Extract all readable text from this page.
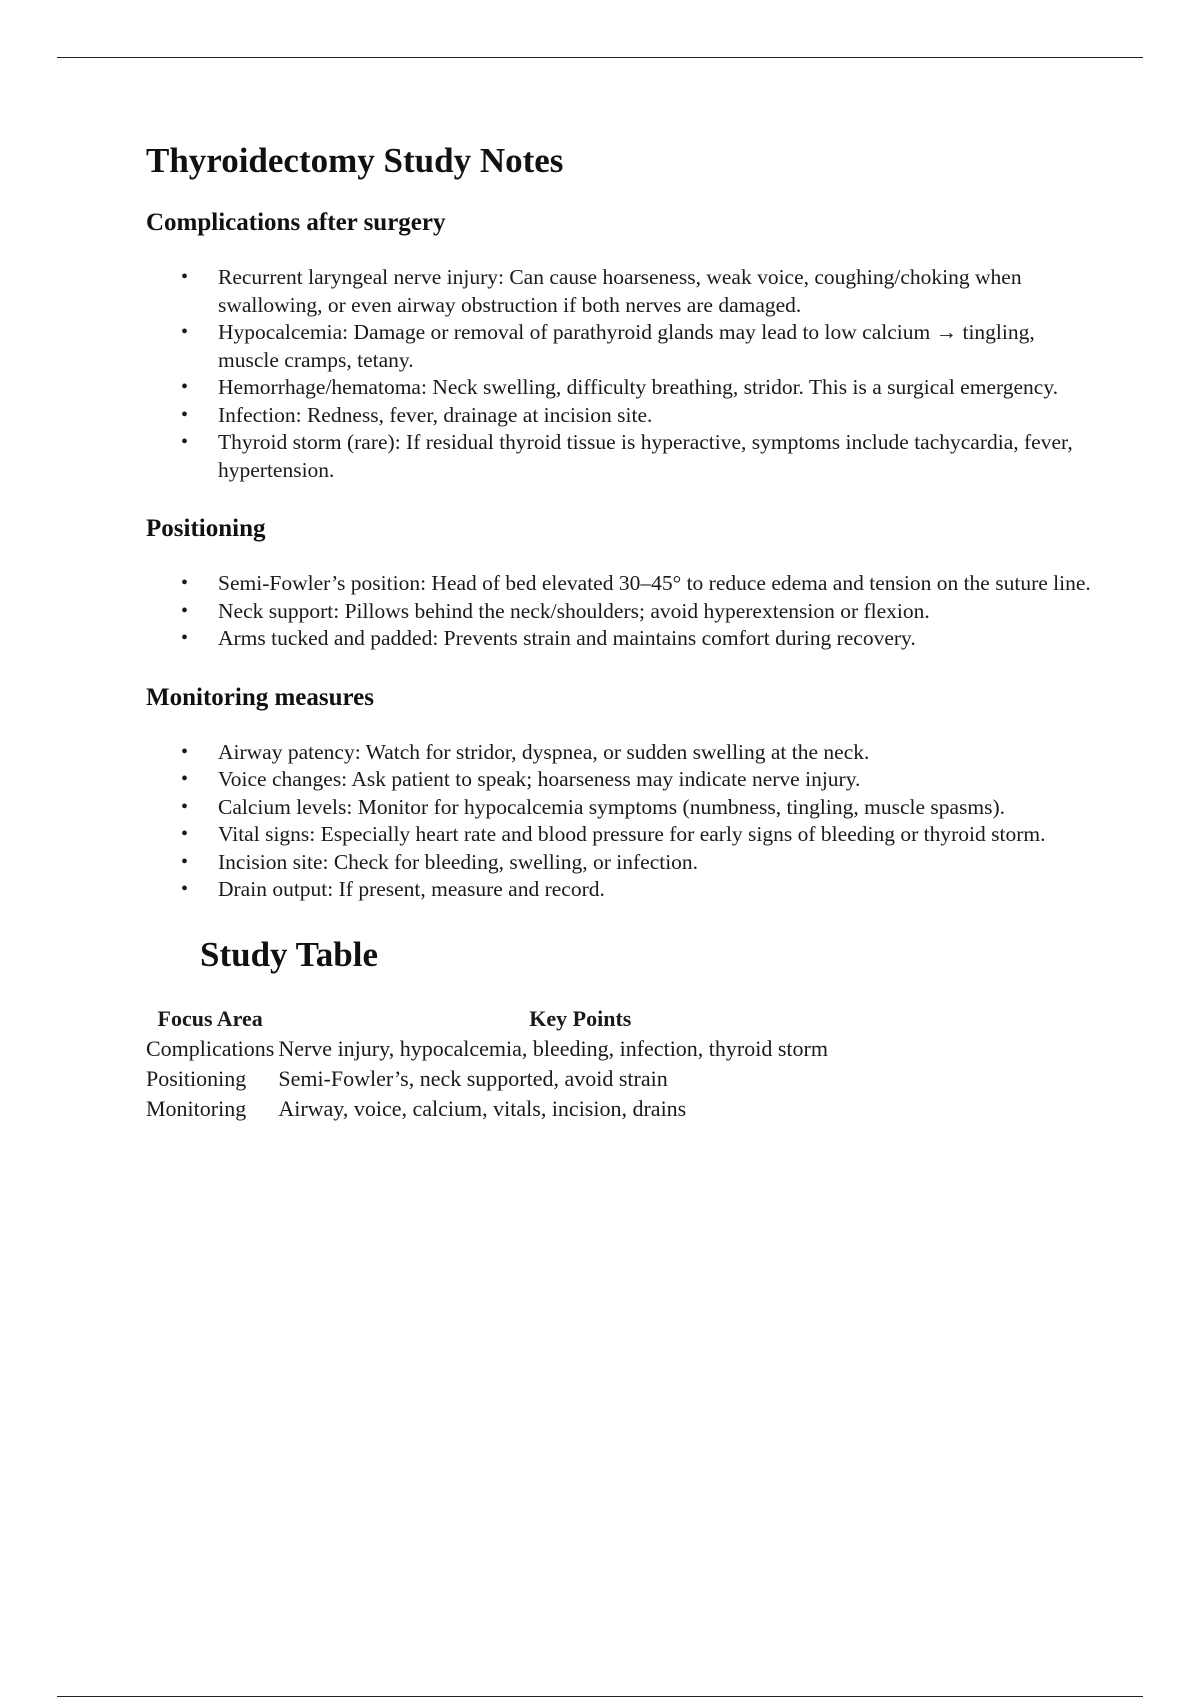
Thyroidectomy Study Notes
Complications after surgery
• Recurrent laryngeal nerve injury: Can cause hoarseness, weak voice, coughing/choking when swallowing, or even airway obstruction if both nerves are damaged.
• Hypocalcemia: Damage or removal of parathyroid glands may lead to low calcium → tingling, muscle cramps, tetany.
• Hemorrhage/hematoma: Neck swelling, difficulty breathing, stridor. This is a surgical emergency.
• Infection: Redness, fever, drainage at incision site.
• Thyroid storm (rare): If residual thyroid tissue is hyperactive, symptoms include tachycardia, fever, hypertension.
Positioning
• Semi-Fowler’s position: Head of bed elevated 30–45° to reduce edema and tension on the suture line.
• Neck support: Pillows behind the neck/shoulders; avoid hyperextension or flexion.
• Arms tucked and padded: Prevents strain and maintains comfort during recovery.
Monitoring measures
• Airway patency: Watch for stridor, dyspnea, or sudden swelling at the neck.
• Voice changes: Ask patient to speak; hoarseness may indicate nerve injury.
• Calcium levels: Monitor for hypocalcemia symptoms (numbness, tingling, muscle spasms).
• Vital signs: Especially heart rate and blood pressure for early signs of bleeding or thyroid storm.
• Incision site: Check for bleeding, swelling, or infection.
• Drain output: If present, measure and record.
Study Table
Focus Area	Key Points
Complications	Nerve injury, hypocalcemia, bleeding, infection, thyroid storm
Positioning	Semi-Fowler’s, neck supported, avoid strain
Monitoring	Airway, voice, calcium, vitals, incision, drains
